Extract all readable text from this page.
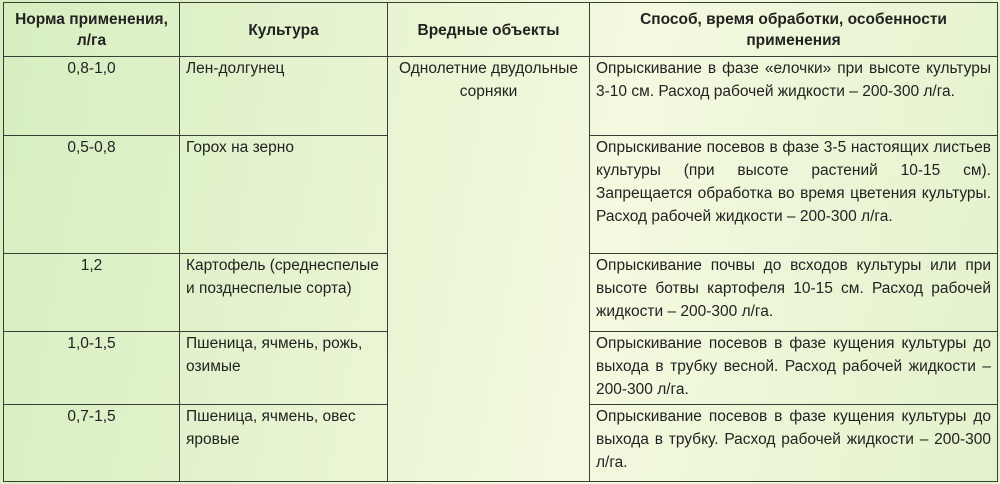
Норма применения, л/га	Культура	Вредные объекты	Способ, время обработки, особенности применения
0,8-1,0	Лен-долгунец	Однолетние двудольные сорняки	Опрыскивание в фазе «елочки» при высоте культуры 3-10 см. Расход рабочей жидкости – 200-300 л/га.
0,5-0,8	Горох на зерно		Опрыскивание посевов в фазе 3-5 настоящих листьев культуры (при высоте растений 10-15 см). Запрещается обработка во время цветения культуры. Расход рабочей жидкости – 200-300 л/га.
1,2	Картофель (среднеспелые и позднеспелые сорта)		Опрыскивание почвы до всходов культуры или при высоте ботвы картофеля 10-15 см. Расход рабочей жидкости – 200-300 л/га.
1,0-1,5	Пшеница, ячмень, рожь, озимые		Опрыскивание посевов в фазе кущения культуры до выхода в трубку весной. Расход рабочей жидкости – 200-300 л/га.
0,7-1,5	Пшеница, ячмень, овес яровые		Опрыскивание посевов в фазе кущения культуры до выхода в трубку. Расход рабочей жидкости – 200-300 л/га.
